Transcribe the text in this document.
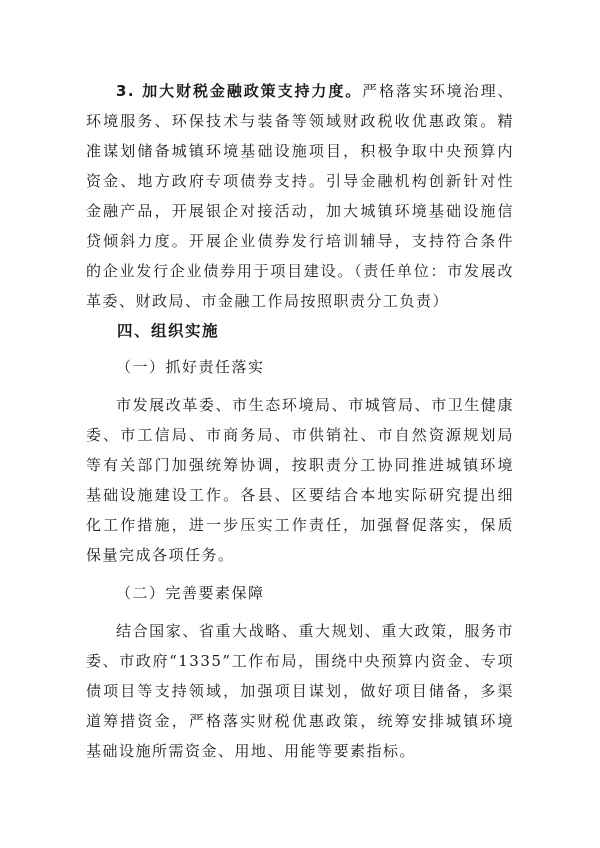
3. 加大财税金融政策支持力度。严格落实环境治理、环境服务、环保技术与装备等领域财政税收优惠政策。精准谋划储备城镇环境基础设施项目，积极争取中央预算内资金、地方政府专项债券支持。引导金融机构创新针对性金融产品，开展银企对接活动，加大城镇环境基础设施信贷倾斜力度。开展企业债券发行培训辅导，支持符合条件的企业发行企业债券用于项目建设。（责任单位：市发展改革委、财政局、市金融工作局按照职责分工负责）

四、组织实施

（一）抓好责任落实

市发展改革委、市生态环境局、市城管局、市卫生健康委、市工信局、市商务局、市供销社、市自然资源规划局等有关部门加强统筹协调，按职责分工协同推进城镇环境基础设施建设工作。各县、区要结合本地实际研究提出细化工作措施，进一步压实工作责任，加强督促落实，保质保量完成各项任务。

（二）完善要素保障

结合国家、省重大战略、重大规划、重大政策，服务市委、市政府“1335”工作布局，围绕中央预算内资金、专项债项目等支持领域，加强项目谋划，做好项目储备，多渠道筹措资金，严格落实财税优惠政策，统筹安排城镇环境基础设施所需资金、用地、用能等要素指标。
